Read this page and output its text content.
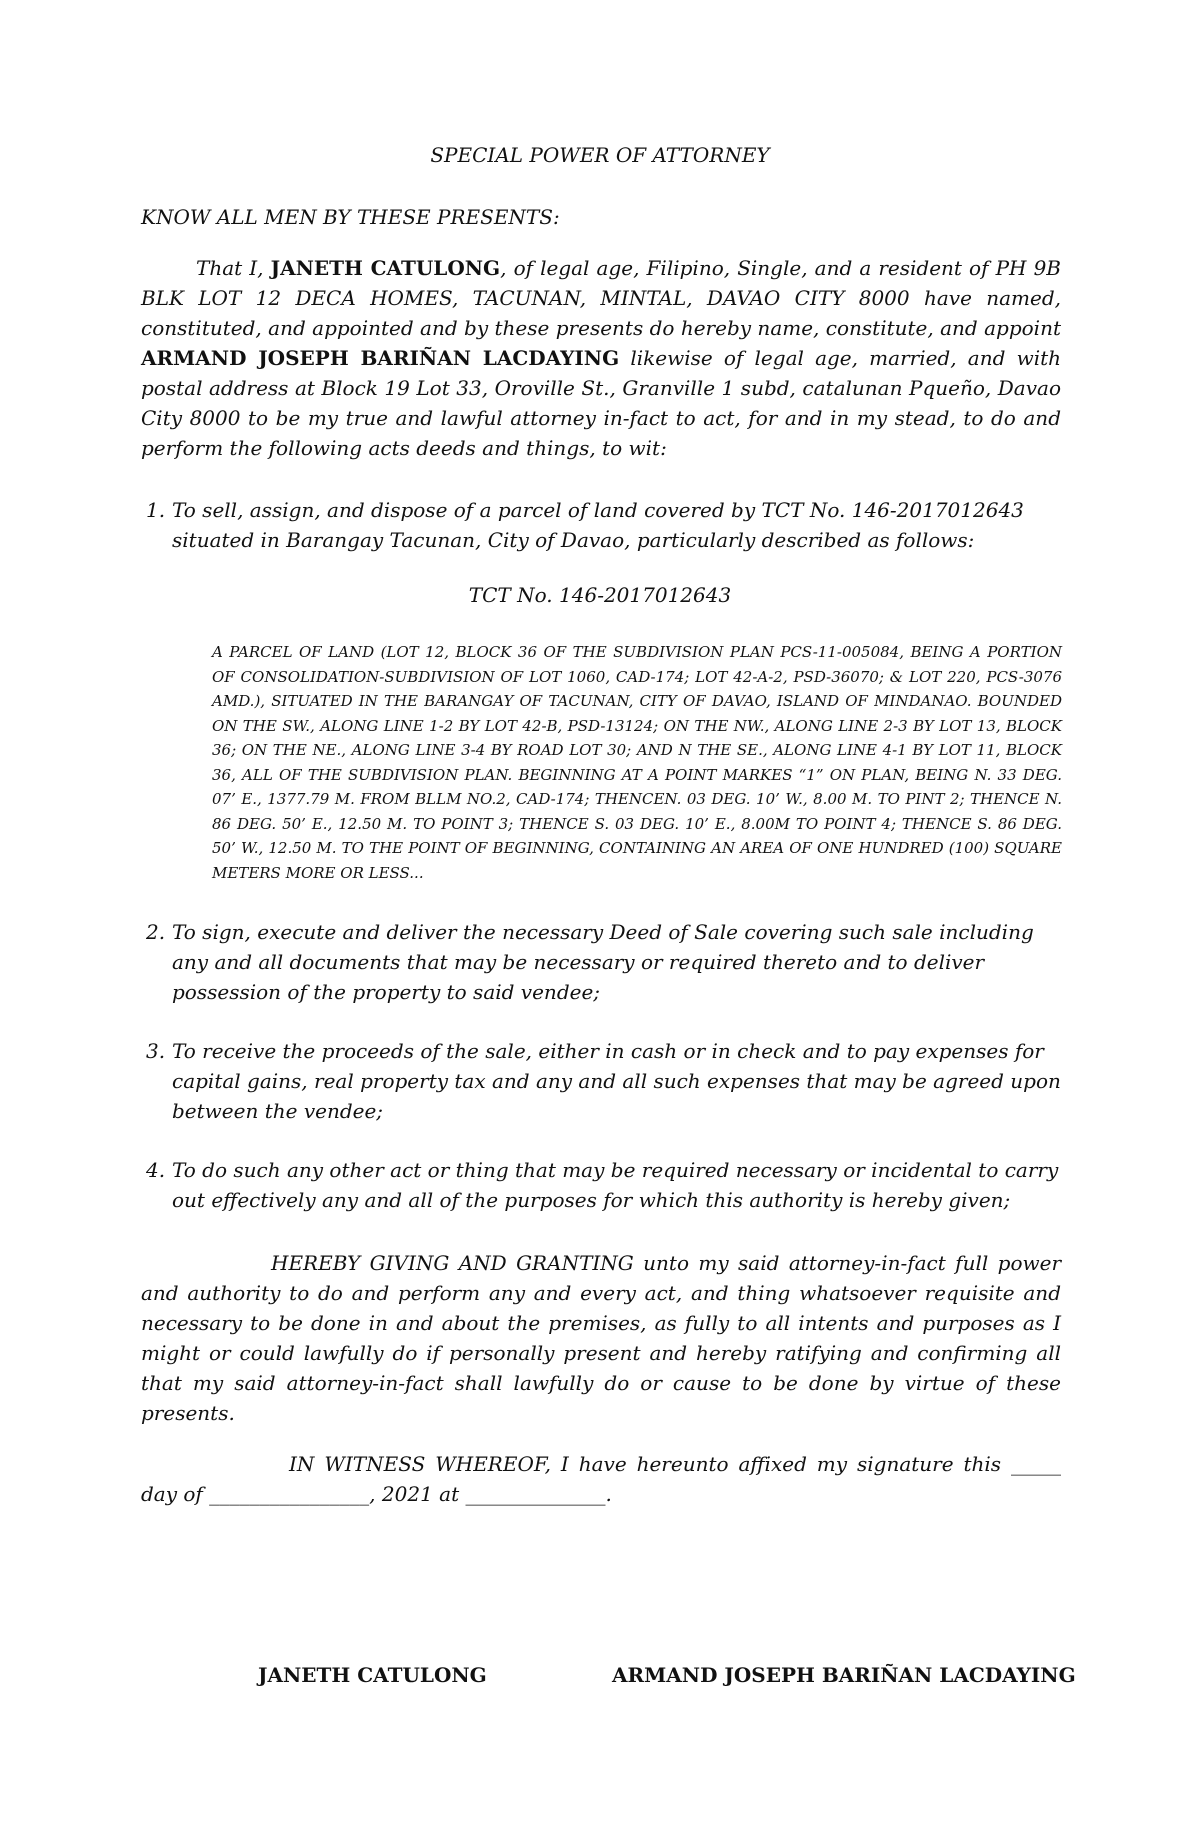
SPECIAL POWER OF ATTORNEY
KNOW ALL MEN BY THESE PRESENTS:
That I, JANETH CATULONG, of legal age, Filipino, Single, and a resident of PH 9B BLK LOT 12 DECA HOMES, TACUNAN, MINTAL, DAVAO CITY 8000 have named, constituted, and appointed and by these presents do hereby name, constitute, and appoint ARMAND JOSEPH BARIÑAN LACDAYING likewise of legal age, married, and with postal address at Block 19 Lot 33, Oroville St., Granville 1 subd, catalunan Pqueño, Davao City 8000 to be my true and lawful attorney in-fact to act, for and in my stead, to do and perform the following acts deeds and things, to wit:
1. To sell, assign, and dispose of a parcel of land covered by TCT No. 146-2017012643 situated in Barangay Tacunan, City of Davao, particularly described as follows:
TCT No. 146-2017012643
A PARCEL OF LAND (LOT 12, BLOCK 36 OF THE SUBDIVISION PLAN PCS-11-005084, BEING A PORTION OF CONSOLIDATION-SUBDIVISION OF LOT 1060, CAD-174; LOT 42-A-2, PSD-36070; & LOT 220, PCS-3076 AMD.), SITUATED IN THE BARANGAY OF TACUNAN, CITY OF DAVAO, ISLAND OF MINDANAO. BOUNDED ON THE SW., ALONG LINE 1-2 BY LOT 42-B, PSD-13124; ON THE NW., ALONG LINE 2-3 BY LOT 13, BLOCK 36; ON THE NE., ALONG LINE 3-4 BY ROAD LOT 30; AND N THE SE., ALONG LINE 4-1 BY LOT 11, BLOCK 36, ALL OF THE SUBDIVISION PLAN. BEGINNING AT A POINT MARKES “1” ON PLAN, BEING N. 33 DEG. 07’ E., 1377.79 M. FROM BLLM NO.2, CAD-174; THENCEN. 03 DEG. 10’ W., 8.00 M. TO PINT 2; THENCE N. 86 DEG. 50’ E., 12.50 M. TO POINT 3; THENCE S. 03 DEG. 10’ E., 8.00M TO POINT 4; THENCE S. 86 DEG. 50’ W., 12.50 M. TO THE POINT OF BEGINNING, CONTAINING AN AREA OF ONE HUNDRED (100) SQUARE METERS MORE OR LESS...
2. To sign, execute and deliver the necessary Deed of Sale covering such sale including any and all documents that may be necessary or required thereto and to deliver possession of the property to said vendee;
3. To receive the proceeds of the sale, either in cash or in check and to pay expenses for capital gains, real property tax and any and all such expenses that may be agreed upon between the vendee;
4. To do such any other act or thing that may be required necessary or incidental to carry out effectively any and all of the purposes for which this authority is hereby given;
HEREBY GIVING AND GRANTING unto my said attorney-in-fact full power and authority to do and perform any and every act, and thing whatsoever requisite and necessary to be done in and about the premises, as fully to all intents and purposes as I might or could lawfully do if personally present and hereby ratifying and confirming all that my said attorney-in-fact shall lawfully do or cause to be done by virtue of these presents.
IN WITNESS WHEREOF, I have hereunto affixed my signature this _____ day of ________________, 2021 at ______________.
JANETH CATULONG	ARMAND JOSEPH BARIÑAN LACDAYING
